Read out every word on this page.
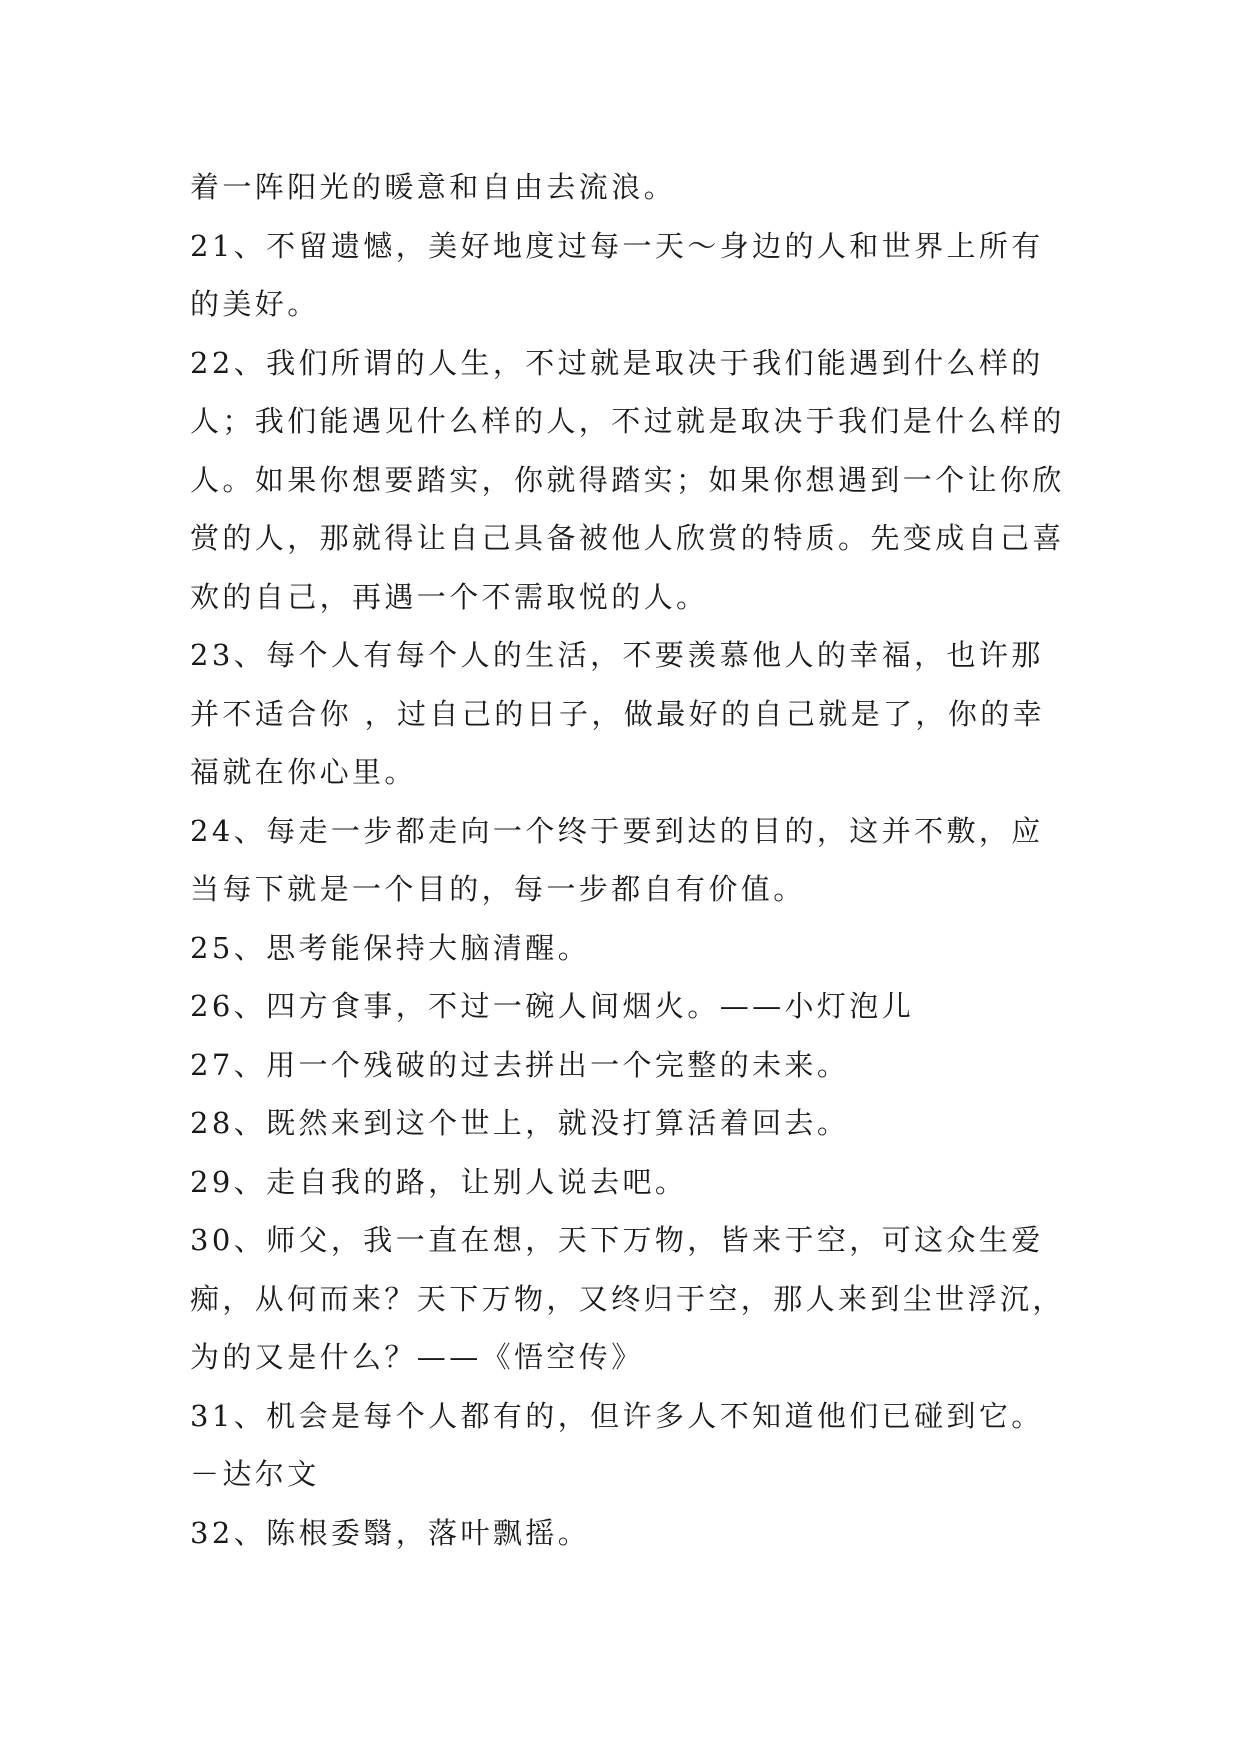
着一阵阳光的暖意和自由去流浪。

21、不留遗憾，美好地度过每一天～身边的人和世界上所有的美好。

22、我们所谓的人生，不过就是取决于我们能遇到什么样的人；我们能遇见什么样的人，不过就是取决于我们是什么样的人。如果你想要踏实，你就得踏实；如果你想遇到一个让你欣赏的人，那就得让自己具备被他人欣赏的特质。先变成自己喜欢的自己，再遇一个不需取悦的人。

23、每个人有每个人的生活，不要羡慕他人的幸福，也许那并不适合你 ，过自己的日子，做最好的自己就是了，你的幸福就在你心里。

24、每走一步都走向一个终于要到达的目的，这并不敷，应当每下就是一个目的，每一步都自有价值。

25、思考能保持大脑清醒。

26、四方食事，不过一碗人间烟火。——小灯泡儿

27、用一个残破的过去拼出一个完整的未来。

28、既然来到这个世上，就没打算活着回去。

29、走自我的路，让别人说去吧。

30、师父，我一直在想，天下万物，皆来于空，可这众生爱痴，从何而来？天下万物，又终归于空，那人来到尘世浮沉，为的又是什么？——《悟空传》

31、机会是每个人都有的，但许多人不知道他们已碰到它。－达尔文

32、陈根委翳，落叶飘摇。
